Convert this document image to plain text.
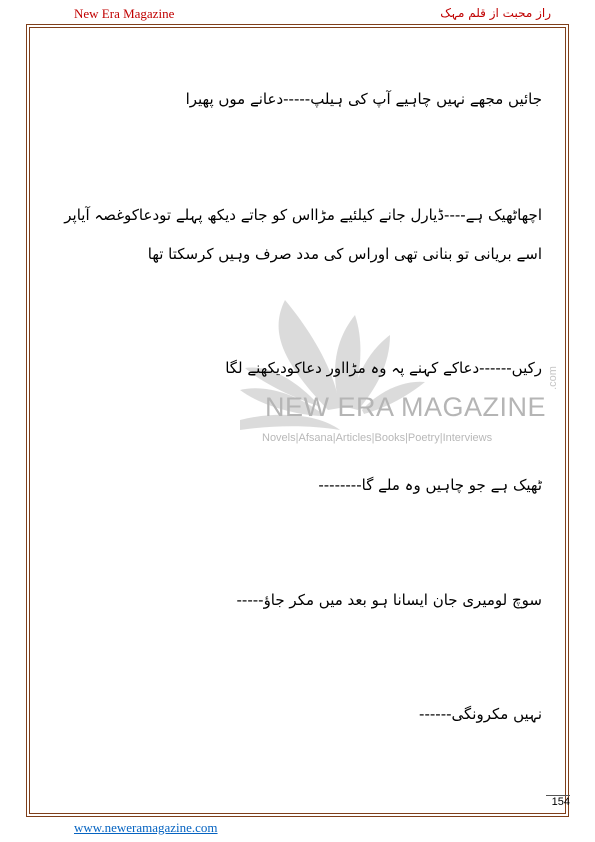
New Era Magazine	راز محبت از قلم مہک
NEW ERA MAGAZINE
.com
Novels|Afsana|Articles|Books|Poetry|Interviews
جائیں مجھے نہیں چاہیے آپ کی ہیلپ-----دعانے موں پھیرا
اچھاٹھیک ہے----ڈیارل جانے کیلئیے مڑااس کو جاتے دیکھ پہلے تودعاکوغصہ آیاپر
اسے بریانی تو بنانی تھی اوراس کی مدد صرف وہیں کرسکتا تھا
رکیں------دعاکے کہنے پہ وہ مڑااور دعاکودیکھنے لگا
ٹھیک ہے جو چاہیں وہ ملے گا--------
سوچ لومیری جان ایسانا ہو بعد میں مکر جاؤ-----
نہیں مکرونگی------
154
www.neweramagazine.com
